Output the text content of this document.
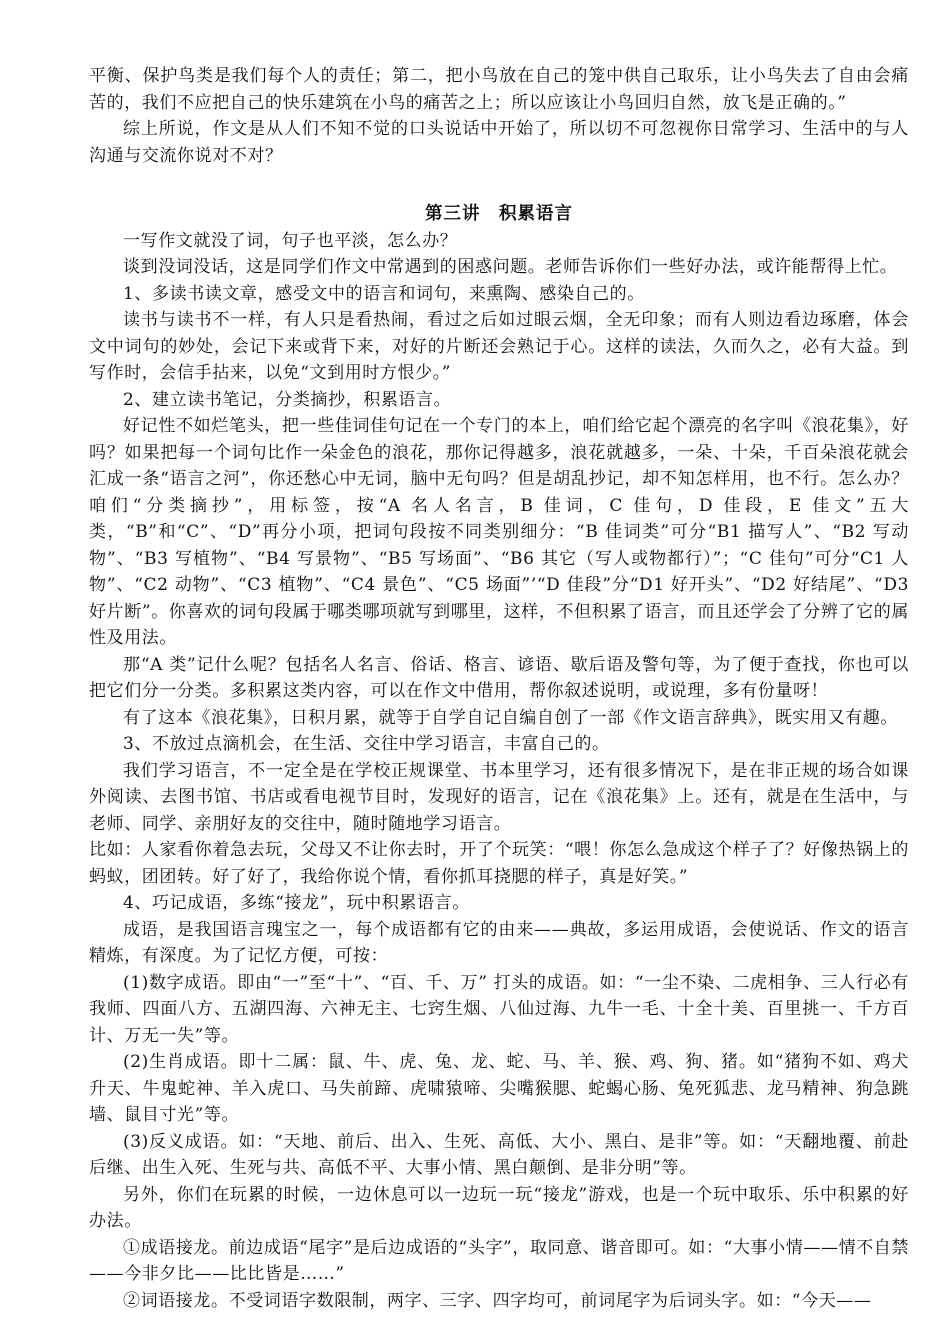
平衡、保护鸟类是我们每个人的责任；第二，把小鸟放在自己的笼中供自己取乐，让小鸟失去了自由会痛苦的，我们不应把自己的快乐建筑在小鸟的痛苦之上；所以应该让小鸟回归自然，放飞是正确的。”

综上所说，作文是从人们不知不觉的口头说话中开始了，所以切不可忽视你日常学习、生活中的与人沟通与交流你说对不对？

第三讲　积累语言

一写作文就没了词，句子也平淡，怎么办？

谈到没词没话，这是同学们作文中常遇到的困惑问题。老师告诉你们一些好办法，或许能帮得上忙。

1、多读书读文章，感受文中的语言和词句，来熏陶、感染自己的。

读书与读书不一样，有人只是看热闹，看过之后如过眼云烟，全无印象；而有人则边看边琢磨，体会文中词句的妙处，会记下来或背下来，对好的片断还会熟记于心。这样的读法，久而久之，必有大益。到写作时，会信手拈来，以免“文到用时方恨少。”

2、建立读书笔记，分类摘抄，积累语言。

好记性不如烂笔头，把一些佳词佳句记在一个专门的本上，咱们给它起个漂亮的名字叫《浪花集》，好吗？如果把每一个词句比作一朵金色的浪花，那你记得越多，浪花就越多，一朵、十朵，千百朵浪花就会汇成一条“语言之河”，你还愁心中无词，脑中无句吗？但是胡乱抄记，却不知怎样用，也不行。怎么办？咱们“分类摘抄”，用标签，按“A 名人名言，B 佳词，C 佳句，D 佳段，E 佳文”五大类，“B”和“C”、“D”再分小项，把词句段按不同类别细分：“B 佳词类”可分“B1 描写人”、“B2 写动物”、“B3 写植物”、“B4 写景物”、“B5 写场面”、“B6 其它（写人或物都行）”；“C 佳句”可分“C1 人物”、“C2 动物”、“C3 植物”、“C4 景色”、“C5 场面”’“D 佳段”分“D1 好开头”、“D2 好结尾”、“D3 好片断”。你喜欢的词句段属于哪类哪项就写到哪里，这样，不但积累了语言，而且还学会了分辨了它的属性及用法。

那“A 类”记什么呢？包括名人名言、俗话、格言、谚语、歇后语及警句等，为了便于查找，你也可以把它们分一分类。多积累这类内容，可以在作文中借用，帮你叙述说明，或说理，多有份量呀！

有了这本《浪花集》，日积月累，就等于自学自记自编自创了一部《作文语言辞典》，既实用又有趣。

3、不放过点滴机会，在生活、交往中学习语言，丰富自己的。

我们学习语言，不一定全是在学校正规课堂、书本里学习，还有很多情况下，是在非正规的场合如课外阅读、去图书馆、书店或看电视节目时，发现好的语言，记在《浪花集》上。还有，就是在生活中，与老师、同学、亲朋好友的交往中，随时随地学习语言。

比如：人家看你着急去玩，父母又不让你去时，开了个玩笑：“喂！你怎么急成这个样子了？好像热锅上的蚂蚁，团团转。好了好了，我给你说个情，看你抓耳挠腮的样子，真是好笑。”

4、巧记成语，多练“接龙”，玩中积累语言。

成语，是我国语言瑰宝之一，每个成语都有它的由来——典故，多运用成语，会使说话、作文的语言精炼，有深度。为了记忆方便，可按：

(1)数字成语。即由“一”至“十”、“百、千、万” 打头的成语。如：“一尘不染、二虎相争、三人行必有我师、四面八方、五湖四海、六神无主、七窍生烟、八仙过海、九牛一毛、十全十美、百里挑一、千方百计、万无一失”等。

(2)生肖成语。即十二属：鼠、牛、虎、兔、龙、蛇、马、羊、猴、鸡、狗、猪。如“猪狗不如、鸡犬升天、牛鬼蛇神、羊入虎口、马失前蹄、虎啸猿啼、尖嘴猴腮、蛇蝎心肠、兔死狐悲、龙马精神、狗急跳墙、鼠目寸光”等。

(3)反义成语。如：“天地、前后、出入、生死、高低、大小、黑白、是非”等。如：“天翻地覆、前赴后继、出生入死、生死与共、高低不平、大事小情、黑白颠倒、是非分明”等。

另外，你们在玩累的时候，一边休息可以一边玩一玩“接龙”游戏，也是一个玩中取乐、乐中积累的好办法。

①成语接龙。前边成语“尾字”是后边成语的“头字”，取同意、谐音即可。如：“大事小情——情不自禁——今非夕比——比比皆是……”

②词语接龙。不受词语字数限制，两字、三字、四字均可，前词尾字为后词头字。如：“今天——
